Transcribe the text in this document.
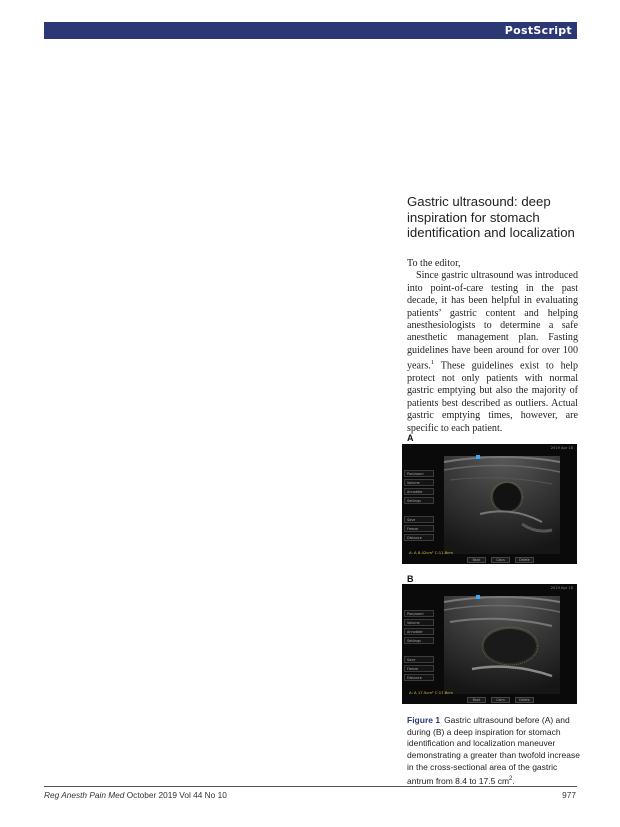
PostScript
Gastric ultrasound: deep inspiration for stomach identification and localization

To the editor,

Since gastric ultrasound was introduced into point-of-care testing in the past decade, it has been helpful in evaluating patients’ gastric content and helping anesthesiologists to determine a safe anesthetic management plan. Fasting guidelines have been around for over 100 years.$^1$ These guidelines exist to help protect not only patients with normal gastric emptying but also the majority of patients best described as outliers. Actual gastric emptying times, however, are specific to each patient.

A
2019 Apr 18
Pan/zoom
Volume
Annotate
Settings
Save
Freeze
Distance
A: A 8.42cm² C:11.8cm
Back	Calcs	Delete
B
2019 Apr 18
Pan/zoom
Volume
Annotate
Settings
Save
Freeze
Distance
A: A 17.5cm² C:17.8cm
Back	Calcs	Delete
Figure 1 Gastric ultrasound before (A) and during (B) a deep inspiration for stomach identification and localization maneuver demonstrating a greater than twofold increase in the cross-sectional area of the gastric antrum from 8.4 to 17.5 $cm^2$.
Reg Anesth Pain Med October 2019 Vol 44 No 10	977
